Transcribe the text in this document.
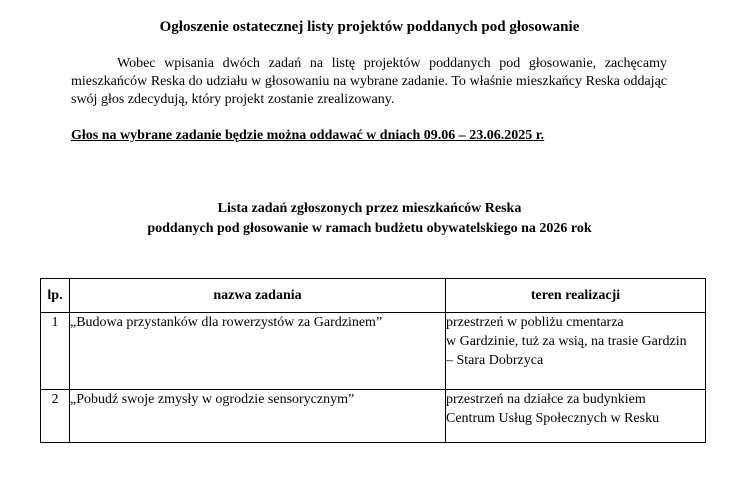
Ogłoszenie ostatecznej listy projektów poddanych pod głosowanie
Wobec wpisania dwóch zadań na listę projektów poddanych pod głosowanie, zachęcamy mieszkańców Reska do udziału w głosowaniu na wybrane zadanie. To właśnie mieszkańcy Reska oddając swój głos zdecydują, który projekt zostanie zrealizowany.
Głos na wybrane zadanie będzie można oddawać w dniach 09.06 – 23.06.2025 r.
Lista zadań zgłoszonych przez mieszkańców Reska
poddanych pod głosowanie w ramach budżetu obywatelskiego na 2026 rok
lp.	nazwa zadania	teren realizacji
1	„Budowa przystanków dla rowerzystów za Gardzinem”	przestrzeń w pobliżu cmentarza
w Gardzinie, tuż za wsią, na trasie Gardzin
– Stara Dobrzyca

2	„Pobudź swoje zmysły w ogrodzie sensorycznym”	przestrzeń na działce za budynkiem
Centrum Usług Społecznych w Resku
